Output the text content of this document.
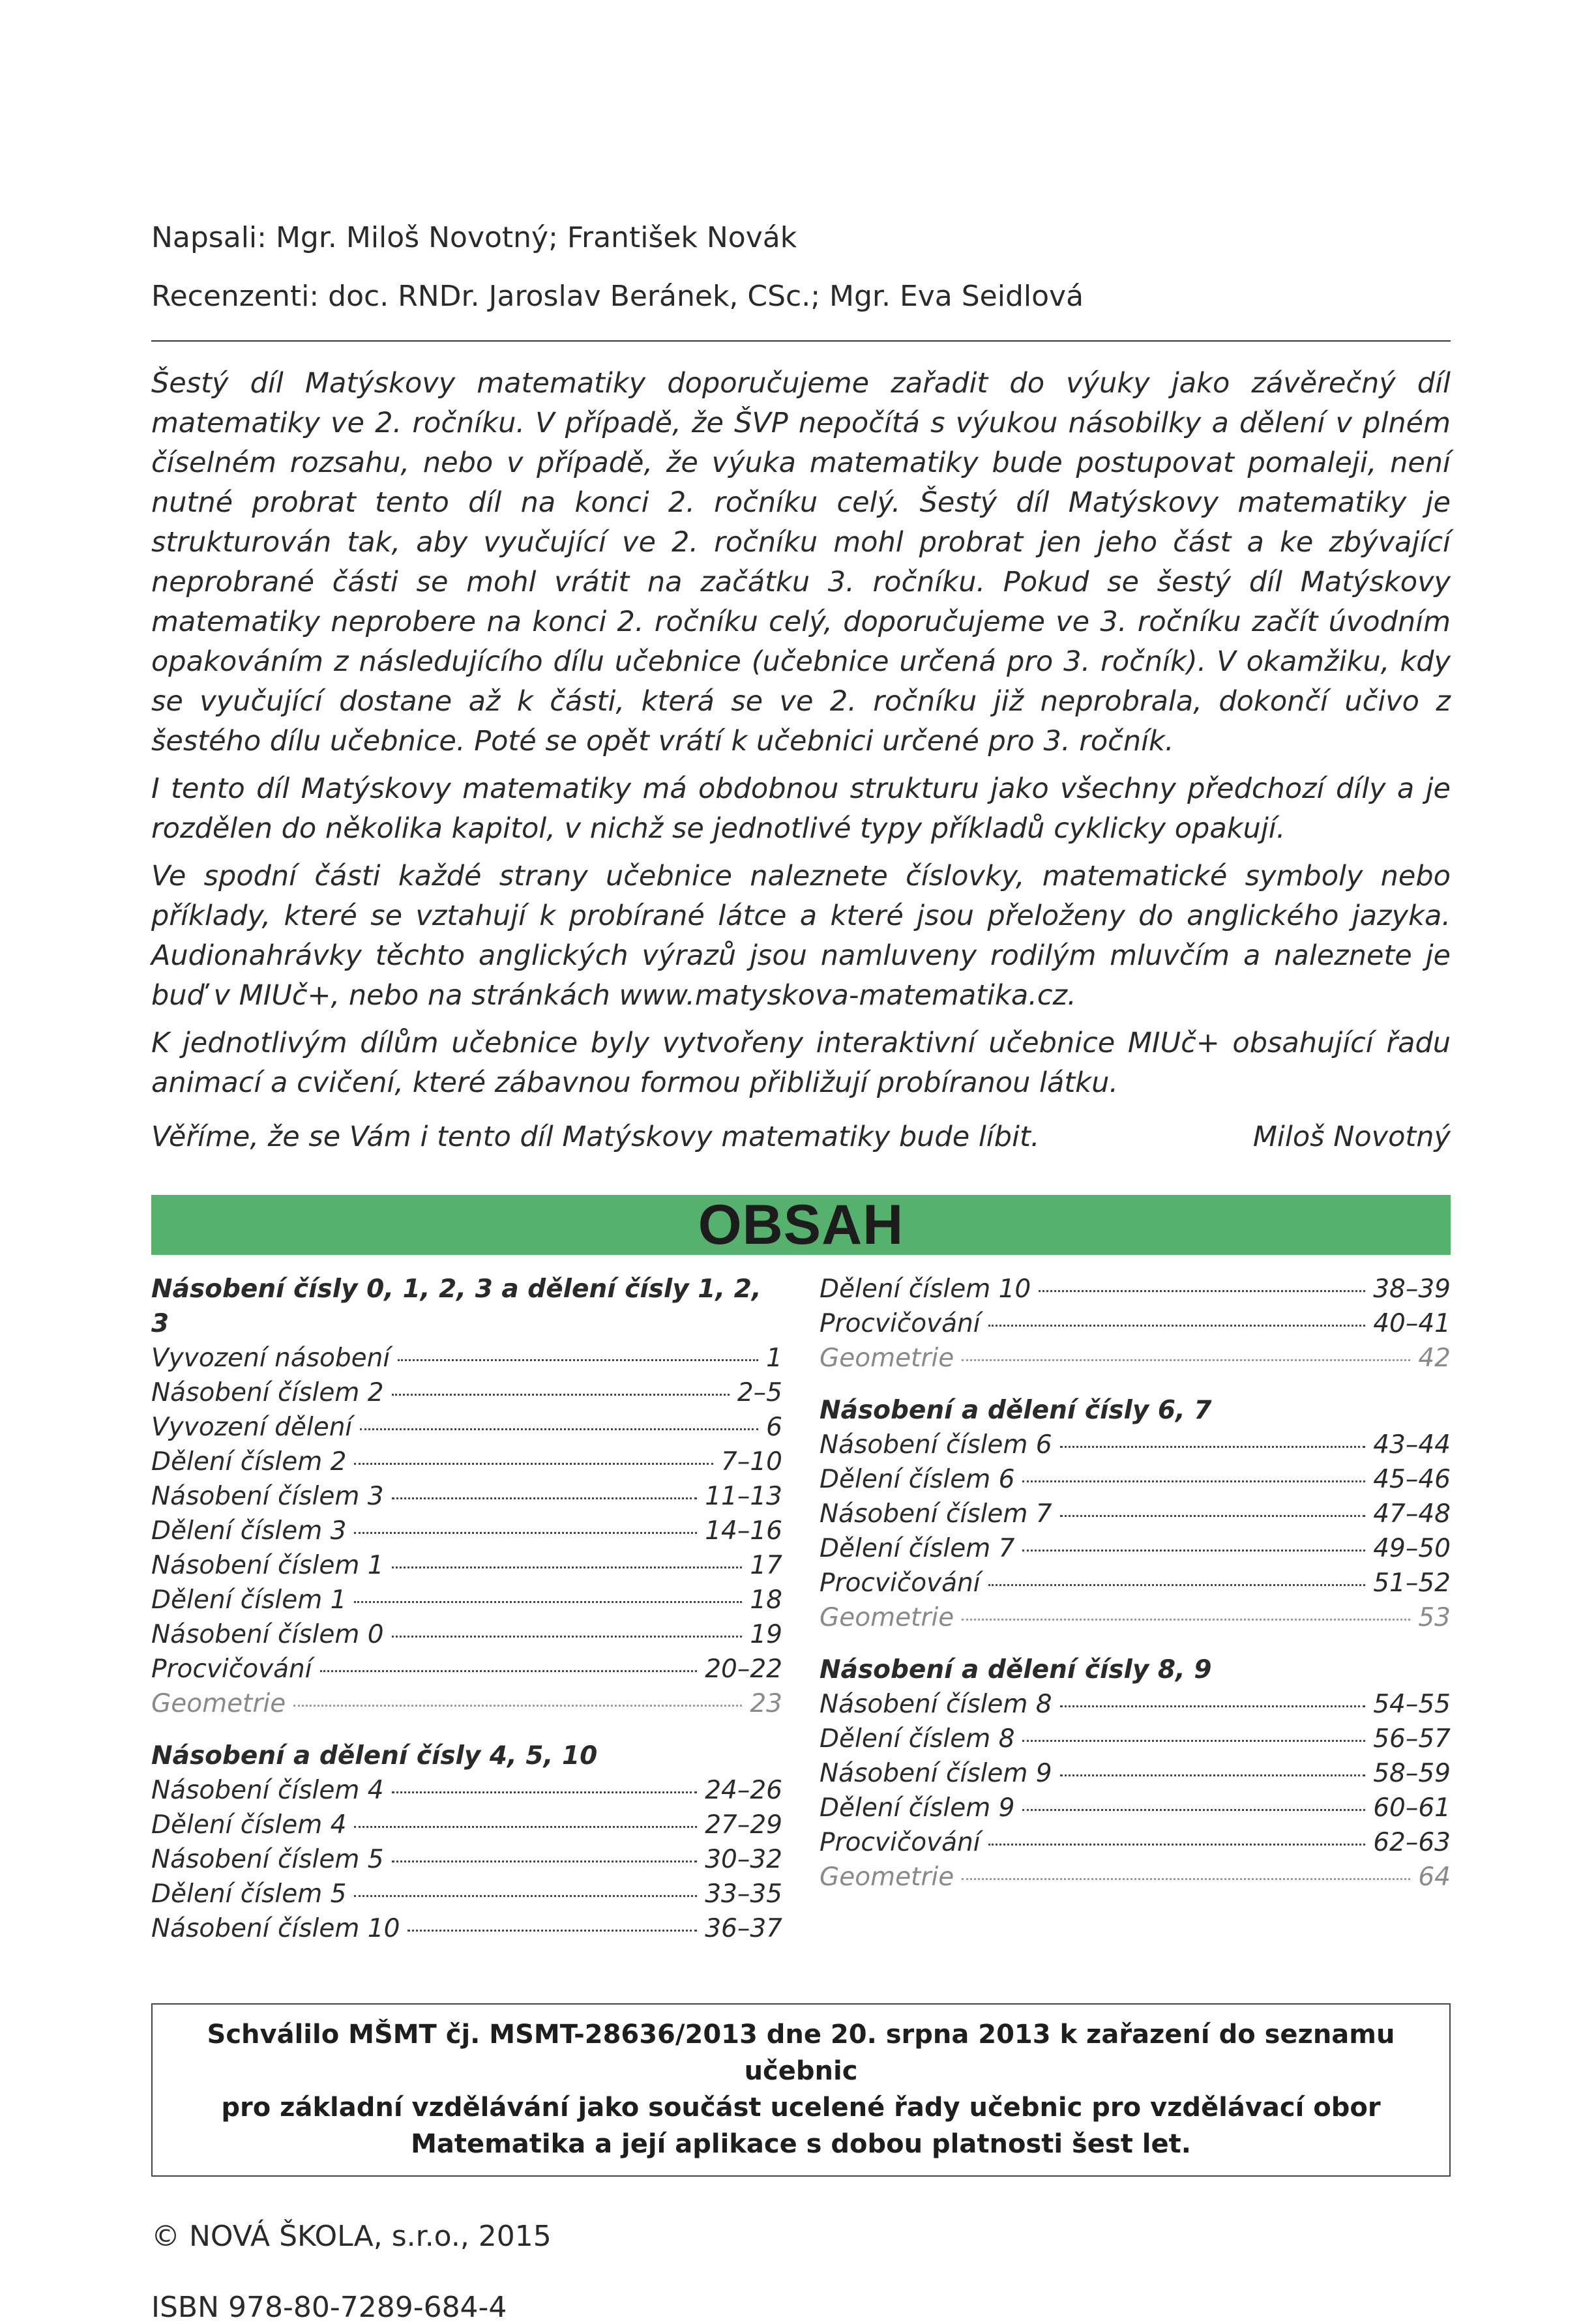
Napsali: Mgr. Miloš Novotný; František Novák

Recenzenti: doc. RNDr. Jaroslav Beránek, CSc.; Mgr. Eva Seidlová

Šestý díl Matýskovy matematiky doporučujeme zařadit do výuky jako závěrečný díl matematiky ve 2. ročníku. V případě, že ŠVP nepočítá s výukou násobilky a dělení v plném číselném rozsahu, nebo v případě, že výuka matematiky bude postupovat pomaleji, není nutné probrat tento díl na konci 2. ročníku celý. Šestý díl Matýskovy matematiky je strukturován tak, aby vyučující ve 2. ročníku mohl probrat jen jeho část a ke zbývající neprobrané části se mohl vrátit na začátku 3. ročníku. Pokud se šestý díl Matýskovy matematiky neprobere na konci 2. ročníku celý, doporučujeme ve 3. ročníku začít úvodním opakováním z následujícího dílu učebnice (učebnice určená pro 3. ročník). V okamžiku, kdy se vyučující dostane až k části, která se ve 2. ročníku již neprobrala, dokončí učivo z šestého dílu učebnice. Poté se opět vrátí k učebnici určené pro 3. ročník.

I tento díl Matýskovy matematiky má obdobnou strukturu jako všechny předchozí díly a je rozdělen do několika kapitol, v nichž se jednotlivé typy příkladů cyklicky opakují.

Ve spodní části každé strany učebnice naleznete číslovky, matematické symboly nebo příklady, které se vztahují k probírané látce a které jsou přeloženy do anglického jazyka. Audionahrávky těchto anglických výrazů jsou namluveny rodilým mluvčím a naleznete je buď v MIUč+, nebo na stránkách www.matyskova-matematika.cz.

K jednotlivým dílům učebnice byly vytvořeny interaktivní učebnice MIUč+ obsahující řadu animací a cvičení, které zábavnou formou přibližují probíranou látku.

Věříme, že se Vám i tento díl Matýskovy matematiky bude líbit.	Miloš Novotný
OBSAH
Násobení čísly 0, 1, 2, 3 a dělení čísly 1, 2, 3
Vyvození násobení	1
Násobení číslem 2	2–5
Vyvození dělení	6
Dělení číslem 2	7–10
Násobení číslem 3	11–13
Dělení číslem 3	14–16
Násobení číslem 1	17
Dělení číslem 1	18
Násobení číslem 0	19
Procvičování	20–22
Geometrie	23
Násobení a dělení čísly 4, 5, 10
Násobení číslem 4	24–26
Dělení číslem 4	27–29
Násobení číslem 5	30–32
Dělení číslem 5	33–35
Násobení číslem 10	36–37
Dělení číslem 10	38–39
Procvičování	40–41
Geometrie	42
Násobení a dělení čísly 6, 7
Násobení číslem 6	43–44
Dělení číslem 6	45–46
Násobení číslem 7	47–48
Dělení číslem 7	49–50
Procvičování	51–52
Geometrie	53
Násobení a dělení čísly 8, 9
Násobení číslem 8	54–55
Dělení číslem 8	56–57
Násobení číslem 9	58–59
Dělení číslem 9	60–61
Procvičování	62–63
Geometrie	64
Schválilo MŠMT čj. MSMT-28636/2013 dne 20. srpna 2013 k zařazení do seznamu učebnic
pro základní vzdělávání jako součást ucelené řady učebnic pro vzdělávací obor
Matematika a její aplikace s dobou platnosti šest let.

© NOVÁ ŠKOLA, s.r.o., 2015

ISBN 978-80-7289-684-4
